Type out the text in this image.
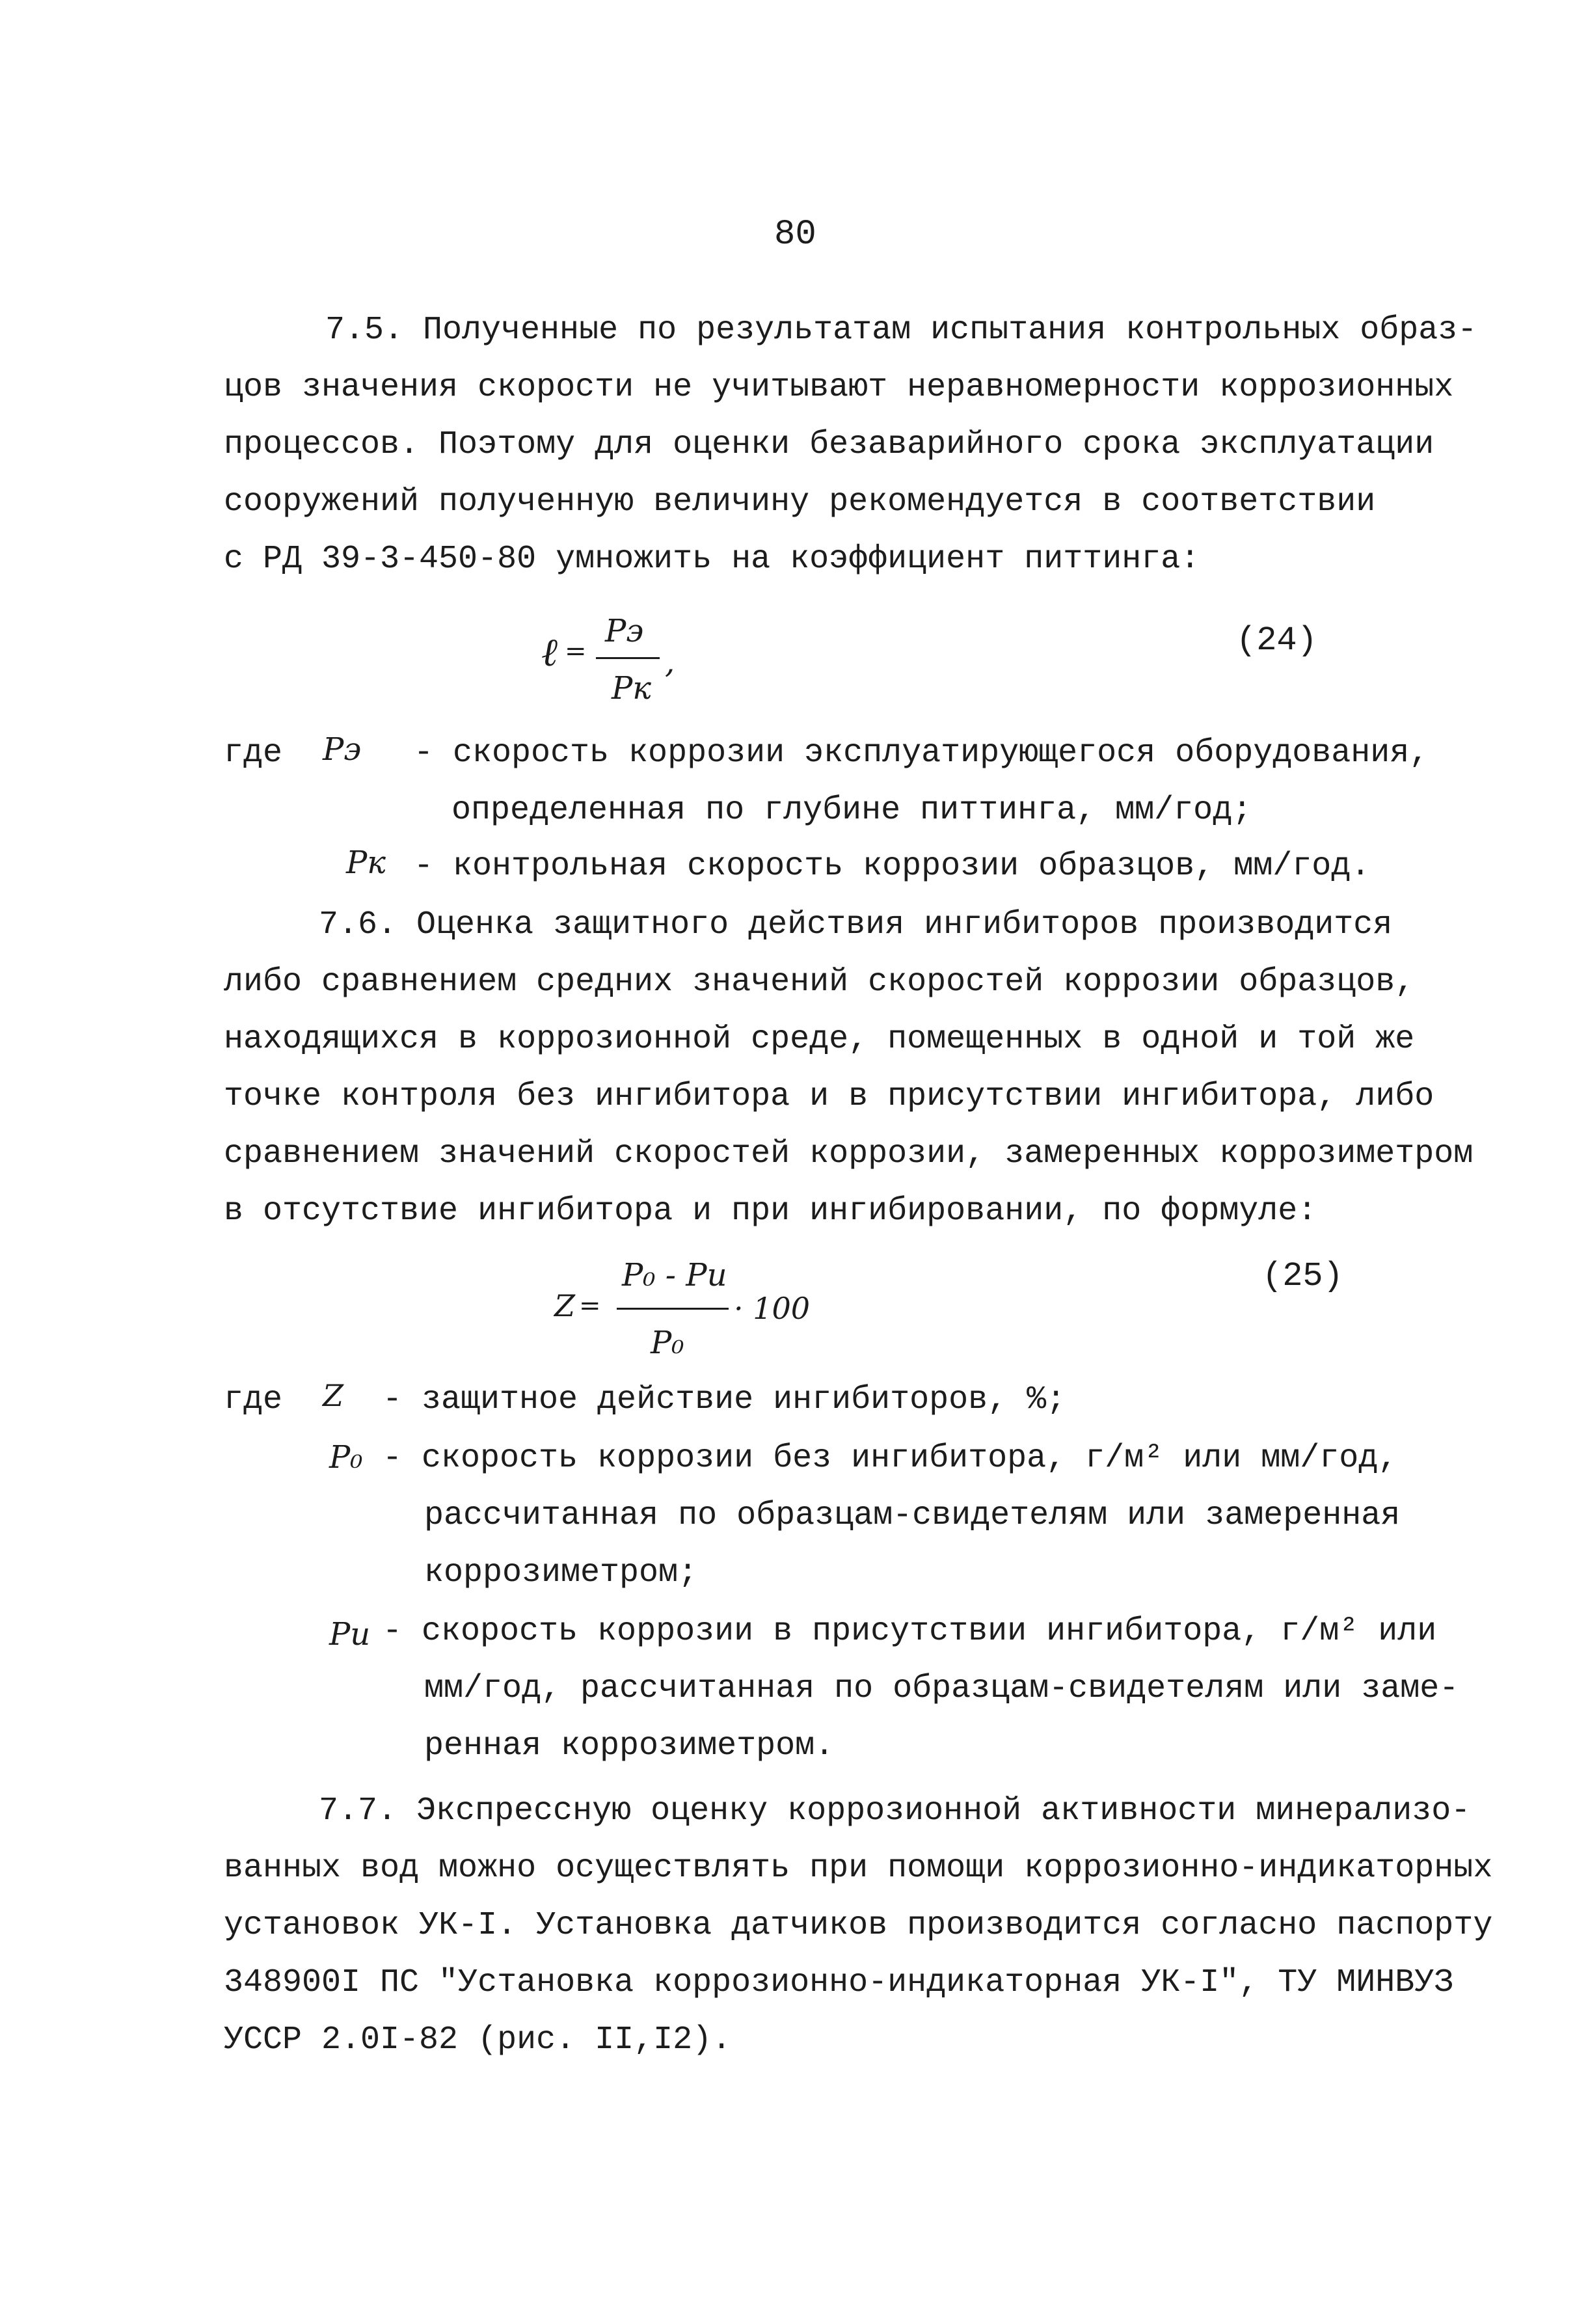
80
7.5. Полученные по результатам испытания контрольных образ-
цов значения скорости не учитывают неравномерности коррозионных
процессов. Поэтому для оценки безаварийного срока эксплуатации
сооружений полученную величину рекомендуется в соответствии
с РД 39-3-450-80 умножить на коэффициент питтинга:
ℓ =
Pэ
Pк
,
(24)
где Pэ - скорость коррозии эксплуатирующегося оборудования,
определенная по глубине питтинга, мм/год;
Pк - контрольная скорость коррозии образцов, мм/год.
7.6. Оценка защитного действия ингибиторов производится
либо сравнением средних значений скоростей коррозии образцов,
находящихся в коррозионной среде, помещенных в одной и той же
точке контроля без ингибитора и в присутствии ингибитора, либо
сравнением значений скоростей коррозии, замеренных коррозиметром
в отсутствие ингибитора и при ингибировании, по формуле:
Z =
P₀ - Pи
P₀
· 100
(25)
где Z - защитное действие ингибиторов, %;
P₀ - скорость коррозии без ингибитора, г/м² или мм/год,
рассчитанная по образцам-свидетелям или замеренная
коррозиметром;
Pи - скорость коррозии в присутствии ингибитора, г/м² или
мм/год, рассчитанная по образцам-свидетелям или заме-
ренная коррозиметром.
7.7. Экспрессную оценку коррозионной активности минерализо-
ванных вод можно осуществлять при помощи коррозионно-индикаторных
установок УК-I. Установка датчиков производится согласно паспорту
348900I ПС "Установка коррозионно-индикаторная УК-I", ТУ МИНВУЗ
УССР 2.0I-82 (рис. II,I2).
